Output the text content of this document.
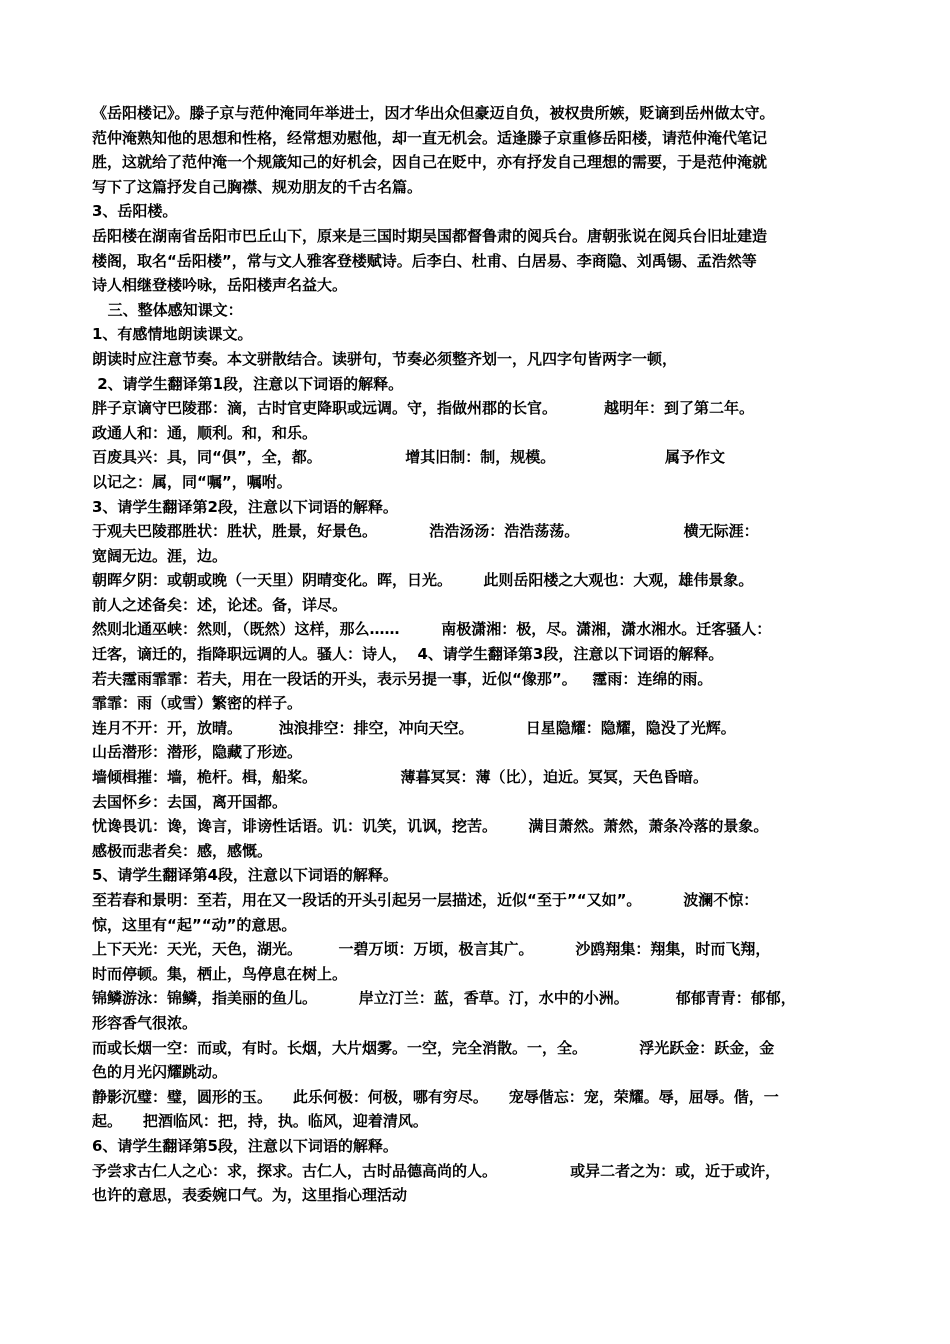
《岳阳楼记》。滕子京与范仲淹同年举进士，因才华出众但豪迈自负，被权贵所嫉，贬谪到岳州做太守。
范仲淹熟知他的思想和性格，经常想劝慰他，却一直无机会。适逢滕子京重修岳阳楼，请范仲淹代笔记
胜，这就给了范仲淹一个规箴知己的好机会，因自己在贬中，亦有抒发自己理想的需要，于是范仲淹就
写下了这篇抒发自己胸襟、规劝朋友的千古名篇。
3、岳阳楼。
岳阳楼在湖南省岳阳市巴丘山下，原来是三国时期吴国都督鲁肃的阅兵台。唐朝张说在阅兵台旧址建造
楼阁，取名“岳阳楼”，常与文人雅客登楼赋诗。后李白、杜甫、白居易、李商隐、刘禹锡、孟浩然等
诗人相继登楼吟咏，岳阳楼声名益大。
三、整体感知课文：
1、有感情地朗读课文。
朗读时应注意节奏。本文骈散结合。读骈句，节奏必须整齐划一，凡四字句皆两字一顿，
2、请学生翻译第1段，注意以下词语的解释。
胖子京谪守巴陵郡：滴，古时官吏降职或远调。守，指做州郡的长官。         越明年：到了第二年。
政通人和：通，顺利。和，和乐。
百废具兴：具，同“俱”，全，都。                增其旧制：制，规模。                     属予作文
以记之：属，同“嘱”，嘱咐。
3、请学生翻译第2段，注意以下词语的解释。
于观夫巴陵郡胜状：胜状，胜景，好景色。          浩浩汤汤：浩浩荡荡。                    横无际涯：
宽阔无边。涯，边。
朝晖夕阴：或朝或晚（一天里）阴晴变化。晖，日光。      此则岳阳楼之大观也：大观，雄伟景象。
前人之述备矣：述，论述。备，详尽。
然则北通巫峡：然则，（既然）这样，那么……        南极潇湘：极，尽。潇湘，潇水湘水。迁客骚人：
迁客，谪迁的，指降职远调的人。骚人：诗人，  4、请学生翻译第3段，注意以下词语的解释。
若夫霪雨霏霏：若夫，用在一段话的开头，表示另提一事，近似“像那”。   霪雨：连绵的雨。
霏霏：雨（或雪）繁密的样子。
连月不开：开，放晴。       浊浪排空：排空，冲向天空。          日星隐耀：隐耀，隐没了光辉。
山岳潜形：潜形，隐藏了形迹。
墙倾楫摧：墙，桅杆。楫，船桨。                薄暮冥冥：薄（比），迫近。冥冥，天色昏暗。
去国怀乡：去国，离开国都。
忧谗畏讥：谗，谗言，诽谤性话语。讥：讥笑，讥讽，挖苦。      满目萧然。萧然，萧条冷落的景象。
感极而悲者矣：感，感慨。
5、请学生翻译第4段，注意以下词语的解释。
至若春和景明：至若，用在又一段话的开头引起另一层描述，近似“至于”“又如”。        波澜不惊：
惊，这里有“起”“动”的意思。
上下天光：天光，天色，湖光。       一碧万顷：万顷，极言其广。        沙鸥翔集：翔集，时而飞翔，
时而停顿。集，栖止，鸟停息在树上。
锦鳞游泳：锦鳞，指美丽的鱼儿。        岸立汀兰：蓝，香草。汀，水中的小洲。         郁郁青青：郁郁，
形容香气很浓。
而或长烟一空：而或，有时。长烟，大片烟雾。一空，完全消散。一，全。          浮光跃金：跃金，金
色的月光闪耀跳动。
静影沉璧：璧，圆形的玉。    此乐何极：何极，哪有穷尽。    宠辱偕忘：宠，荣耀。辱，屈辱。偕，一
起。    把酒临风：把，持，执。临风，迎着清风。
6、请学生翻译第5段，注意以下词语的解释。
予尝求古仁人之心：求，探求。古仁人，古时品德高尚的人。              或异二者之为：或，近于或许，
也许的意思，表委婉口气。为，这里指心理活动
